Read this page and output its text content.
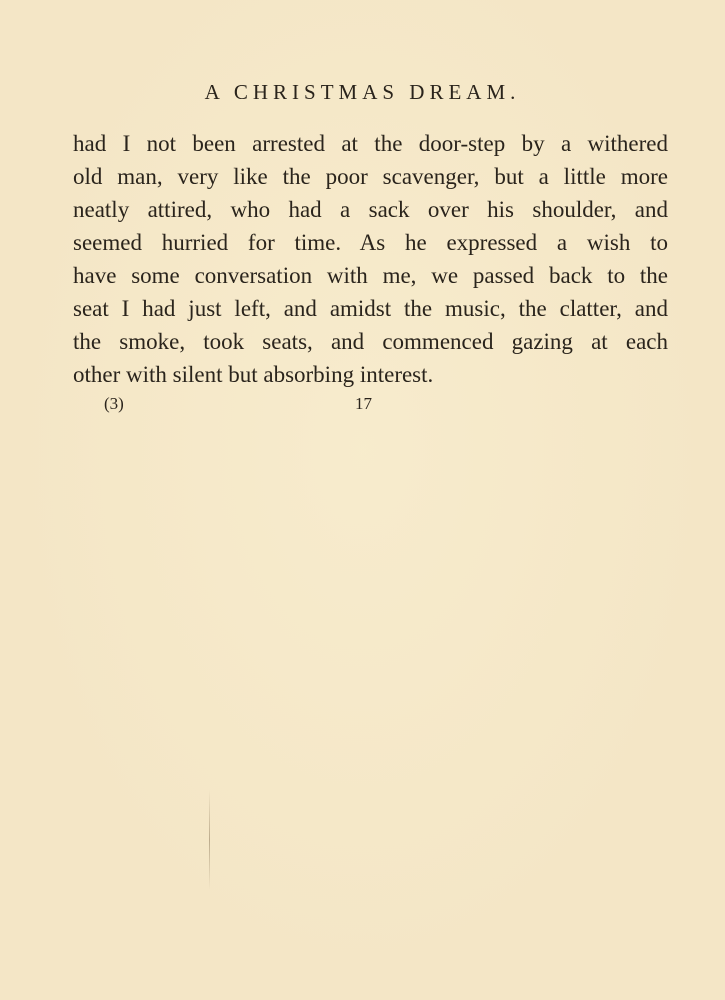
A CHRISTMAS DREAM.
had I not been arrested at the door-step by a withered
old man, very like the poor scavenger, but a little more
neatly attired, who had a sack over his shoulder, and
seemed hurried for time. As he expressed a wish to
have some conversation with me, we passed back to the
seat I had just left, and amidst the music, the clatter, and
the smoke, took seats, and commenced gazing at each
other with silent but absorbing interest.
(3)	17
